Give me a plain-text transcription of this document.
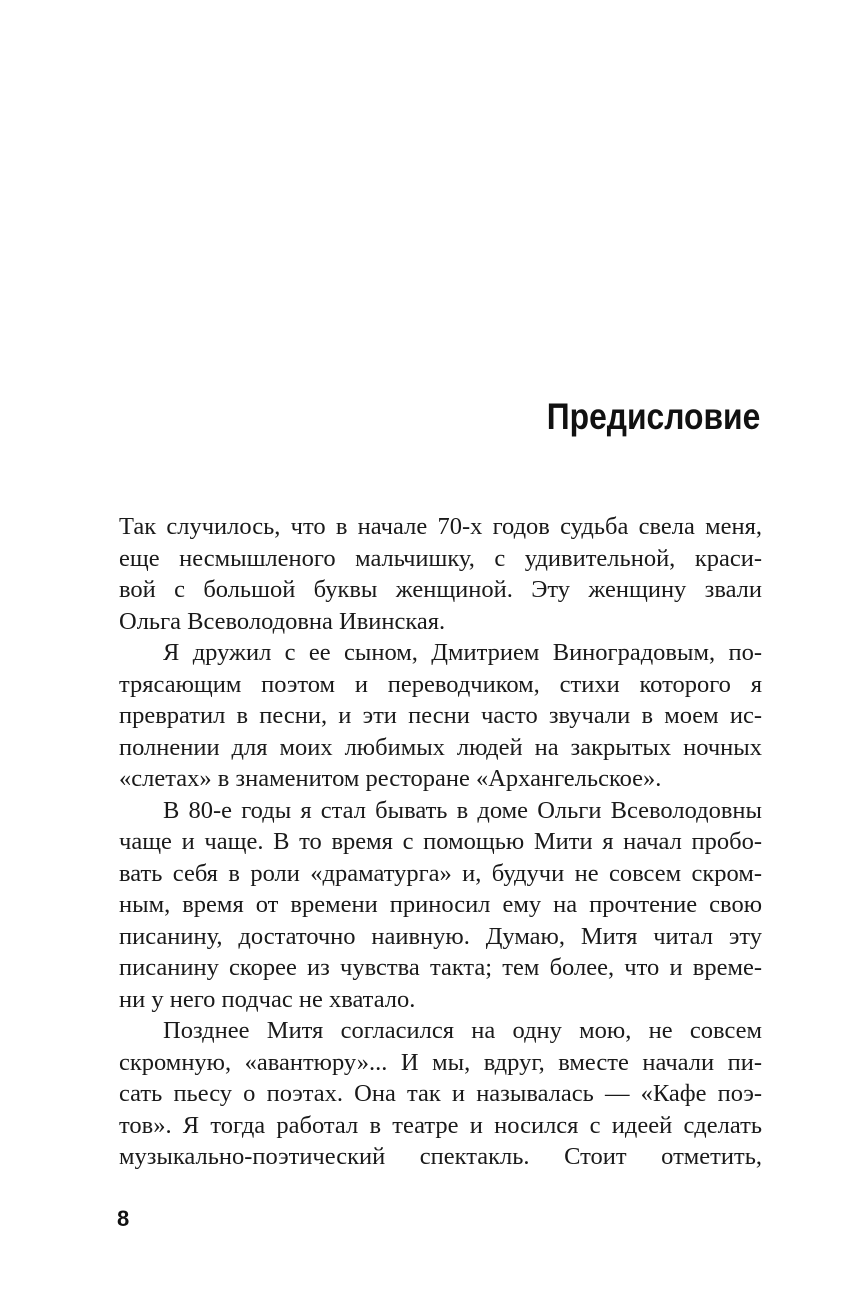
Предисловие
Так случилось, что в начале 70-х годов судьба свела меня,
еще несмышленого мальчишку, с удивительной, краси-
вой с большой буквы женщиной. Эту женщину звали
Ольга Всеволодовна Ивинская.
Я дружил с ее сыном, Дмитрием Виноградовым, по-
трясающим поэтом и переводчиком, стихи которого я
превратил в песни, и эти песни часто звучали в моем ис-
полнении для моих любимых людей на закрытых ночных
«слетах» в знаменитом ресторане «Архангельское».
В 80-е годы я стал бывать в доме Ольги Всеволодовны
чаще и чаще. В то время с помощью Мити я начал пробо-
вать себя в роли «драматурга» и, будучи не совсем скром-
ным, время от времени приносил ему на прочтение свою
писанину, достаточно наивную. Думаю, Митя читал эту
писанину скорее из чувства такта; тем более, что и време-
ни у него подчас не хватало.
Позднее Митя согласился на одну мою, не совсем
скромную, «авантюру»... И мы, вдруг, вместе начали пи-
сать пьесу о поэтах. Она так и называлась — «Кафе поэ-
тов». Я тогда работал в театре и носился с идеей сделать
музыкально-поэтический спектакль. Стоит отметить,
8
